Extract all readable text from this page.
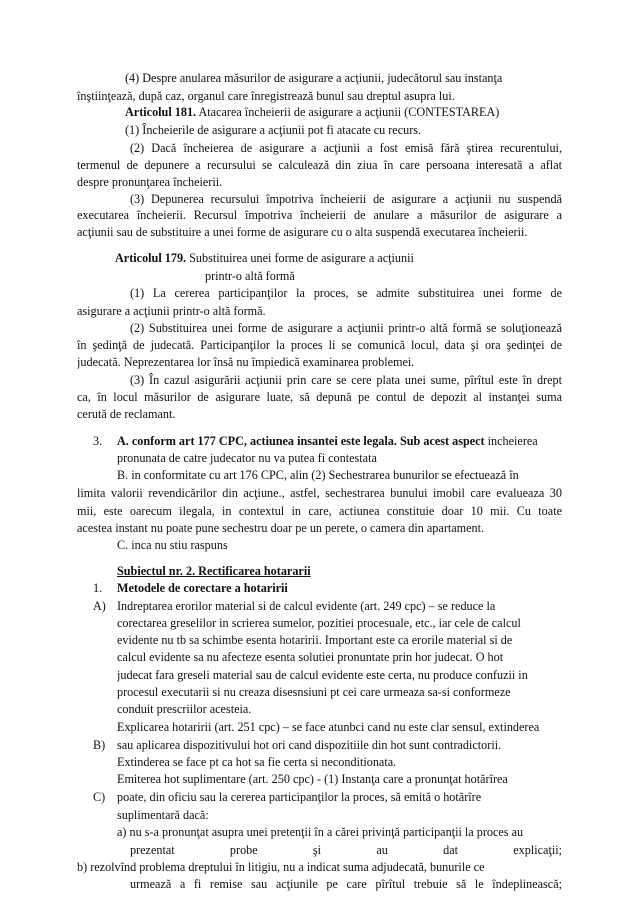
(4) Despre anularea măsurilor de asigurare a acţiunii, judecătorul sau instanţa
înştiinţează, după caz, organul care înregistrează bunul sau dreptul asupra lui.
Articolul 181. Atacarea încheierii de asigurare a acţiunii (CONTESTAREA)
(1) Încheierile de asigurare a acţiunii pot fi atacate cu recurs.
(2) Dacă încheierea de asigurare a acţiunii a fost emisă fără ştirea recurentului,
termenul de depunere a recursului se calculează din ziua în care persoana interesată a aflat
despre pronunţarea încheierii.
(3) Depunerea recursului împotriva încheierii de asigurare a acţiunii nu suspendă
executarea încheierii. Recursul împotriva încheierii de anulare a măsurilor de asigurare a
acţiunii sau de substituire a unei forme de asigurare cu o alta suspendă executarea încheierii.
Articolul 179. Substituirea unei forme de asigurare a acţiunii
printr-o altă formă
(1) La cererea participanţilor la proces, se admite substituirea unei forme de
asigurare a acţiunii printr-o altă formă.
(2) Substituirea unei forme de asigurare a acţiunii printr-o altă formă se soluţionează
în şedinţă de judecată. Participanţilor la proces li se comunică locul, data şi ora şedinţei de
judecată. Neprezentarea lor însă nu împiedică examinarea problemei.
(3) În cazul asigurării acţiunii prin care se cere plata unei sume, pîrîtul este în drept
ca, în locul măsurilor de asigurare luate, să depună pe contul de depozit al instanţei suma
cerută de reclamant.
3.	A. conform art 177 CPC, actiunea insantei este legala. Sub acest aspect incheierea
pronunata de catre judecator nu va putea fi contestata
B. in conformitate cu art 176 CPC, alin (2) Sechestrarea bunurilor se efectuează în
limita valorii revendicărilor din acţiune., astfel, sechestrarea bunului imobil care evalueaza 30
mii, este oarecum ilegala, in contextul in care, actiunea constituie doar 10 mii. Cu toate
acestea instant nu poate pune sechestru doar pe un perete, o camera din apartament.
C. inca nu stiu raspuns
Subiectul nr. 2. Rectificarea hotararii
1.	Metodele de corectare a hotaririi
A) Indreptarea erorilor material si de calcul evidente (art. 249 cpc) – se reduce la
corectarea greselilor in scrierea sumelor, pozitiei procesuale, etc., iar cele de calcul
evidente nu tb sa schimbe esenta hotaririi. Important este ca erorile material si de
calcul evidente sa nu afecteze esenta solutiei pronuntate prin hor judecat. O hot
judecat fara greseli material sau de calcul evidente este certa, nu produce confuzii in
procesul executarii si nu creaza disesnsiuni pt cei care urmeaza sa-si conformeze
conduit prescriilor acesteia.
Explicarea hotaririi (art. 251 cpc) – se face atunbci cand nu este clar sensul, extinderea
B) sau aplicarea dispozitivului hot ori cand dispozitiile din hot sunt contradictorii.
Extinderea se face pt ca hot sa fie certa si neconditionata.
Emiterea hot suplimentare (art. 250 cpc) - (1) Instanţa care a pronunţat hotărîrea
C) poate, din oficiu sau la cererea participanţilor la proces, să emită o hotărîre
suplimentară dacă:
a) nu s-a pronunţat asupra unei pretenţii în a cărei privinţă participanţii la proces au
prezentat probe şi au dat explicaţii;
b) rezolvînd problema dreptului în litigiu, nu a indicat suma adjudecată, bunurile ce
urmează a fi remise sau acţiunile pe care pîrîtul trebuie să le îndeplinească;
